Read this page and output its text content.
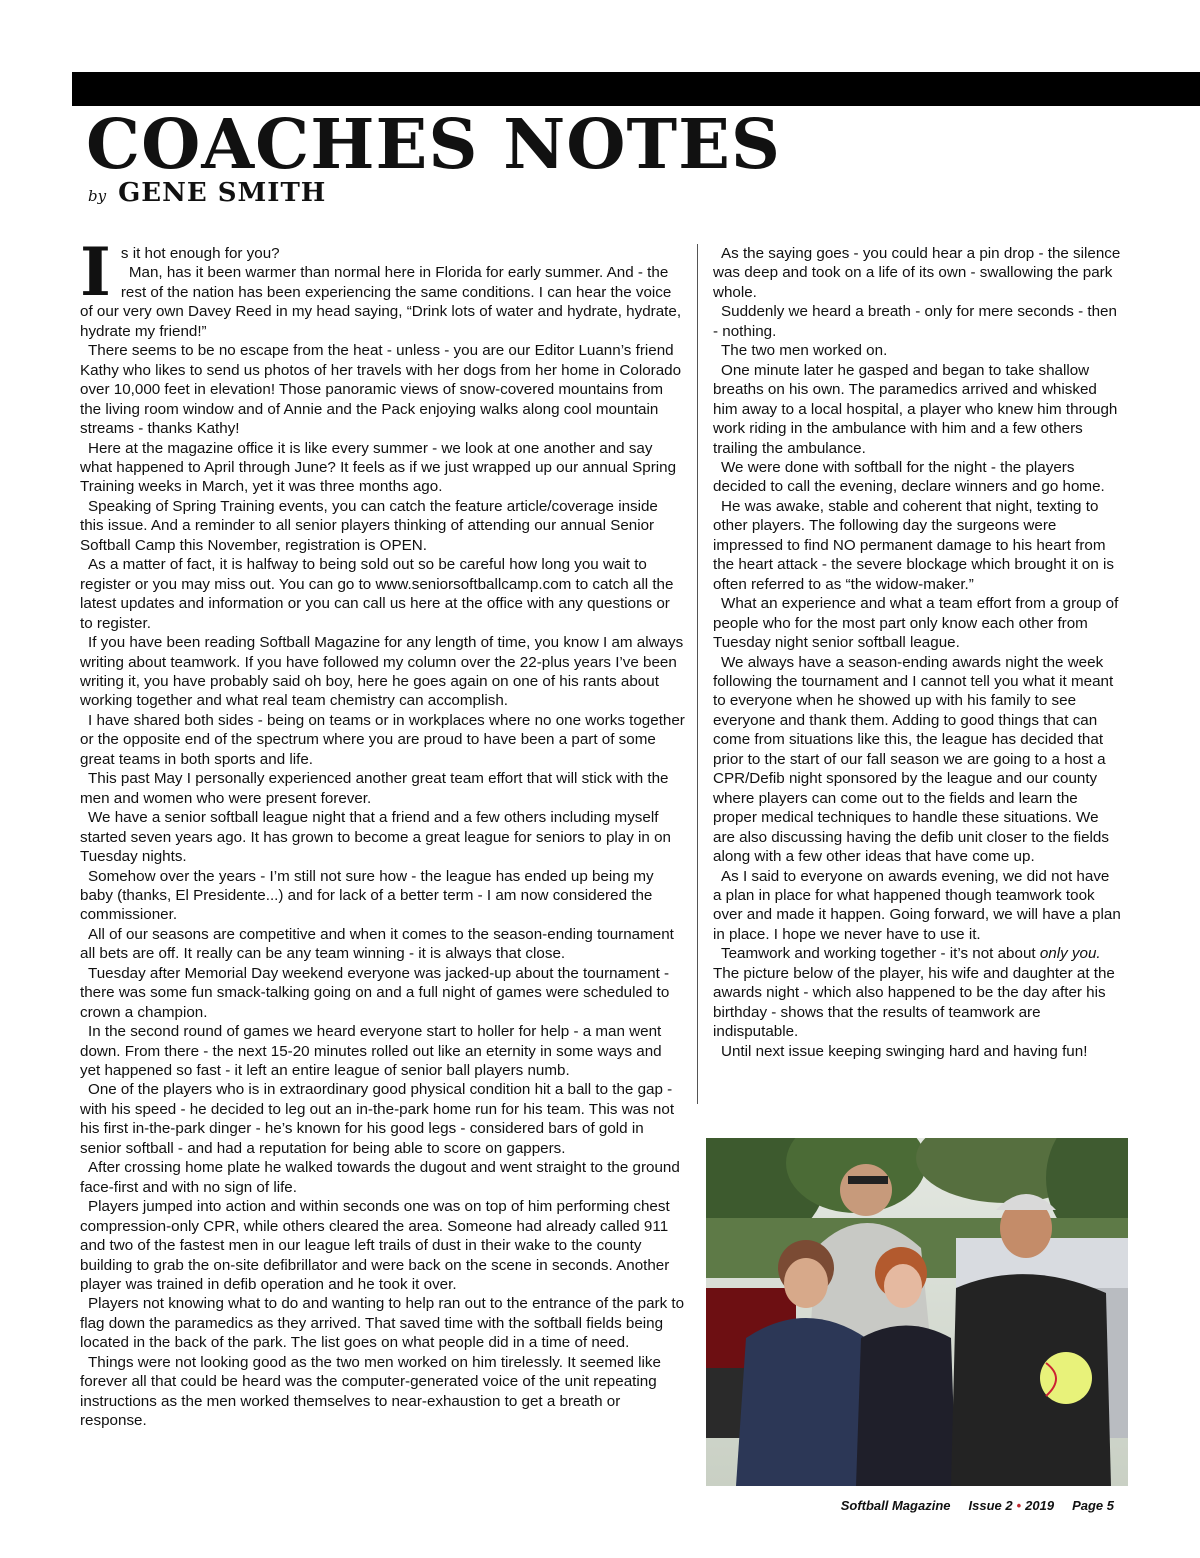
COACHES NOTES
by GENE SMITH

Is it hot enough for you?

Man, has it been warmer than normal here in Florida for early summer. And - the rest of the nation has been experiencing the same conditions. I can hear the voice of our very own Davey Reed in my head saying, “Drink lots of water and hydrate, hydrate, hydrate my friend!”

There seems to be no escape from the heat - unless - you are our Editor Luann’s friend Kathy who likes to send us photos of her travels with her dogs from her home in Colorado over 10,000 feet in elevation! Those panoramic views of snow-covered mountains from the living room window and of Annie and the Pack enjoying walks along cool mountain streams - thanks Kathy!

Here at the magazine office it is like every summer - we look at one another and say what happened to April through June? It feels as if we just wrapped up our annual Spring Training weeks in March, yet it was three months ago.

Speaking of Spring Training events, you can catch the feature article/coverage inside this issue. And a reminder to all senior players thinking of attending our annual Senior Softball Camp this November, registration is OPEN.

As a matter of fact, it is halfway to being sold out so be careful how long you wait to register or you may miss out. You can go to www.seniorsoftballcamp.com to catch all the latest updates and information or you can call us here at the office with any questions or to register.

If you have been reading Softball Magazine for any length of time, you know I am always writing about teamwork. If you have followed my column over the 22-plus years I’ve been writing it, you have probably said oh boy, here he goes again on one of his rants about working together and what real team chemistry can accomplish.

I have shared both sides - being on teams or in workplaces where no one works together or the opposite end of the spectrum where you are proud to have been a part of some great teams in both sports and life.

This past May I personally experienced another great team effort that will stick with the men and women who were present forever.

We have a senior softball league night that a friend and a few others including myself started seven years ago. It has grown to become a great league for seniors to play in on Tuesday nights.

Somehow over the years - I’m still not sure how - the league has ended up being my baby (thanks, El Presidente...) and for lack of a better term - I am now considered the commissioner.

All of our seasons are competitive and when it comes to the season-ending tournament all bets are off. It really can be any team winning - it is always that close.

Tuesday after Memorial Day weekend everyone was jacked-up about the tournament - there was some fun smack-talking going on and a full night of games were scheduled to crown a champion.

In the second round of games we heard everyone start to holler for help - a man went down. From there - the next 15-20 minutes rolled out like an eternity in some ways and yet happened so fast - it left an entire league of senior ball players numb.

One of the players who is in extraordinary good physical condition hit a ball to the gap - with his speed - he decided to leg out an in-the-park home run for his team. This was not his first in-the-park dinger - he’s known for his good legs - considered bars of gold in senior softball - and had a reputation for being able to score on gappers.

After crossing home plate he walked towards the dugout and went straight to the ground face-first and with no sign of life.

Players jumped into action and within seconds one was on top of him performing chest compression-only CPR, while others cleared the area. Someone had already called 911 and two of the fastest men in our league left trails of dust in their wake to the county building to grab the on-site defibrillator and were back on the scene in seconds. Another player was trained in defib operation and he took it over.

Players not knowing what to do and wanting to help ran out to the entrance of the park to flag down the paramedics as they arrived. That saved time with the softball fields being located in the back of the park. The list goes on what people did in a time of need.

Things were not looking good as the two men worked on him tirelessly. It seemed like forever all that could be heard was the computer-generated voice of the unit repeating instructions as the men worked themselves to near-exhaustion to get a breath or response.

As the saying goes - you could hear a pin drop - the silence was deep and took on a life of its own - swallowing the park whole.

Suddenly we heard a breath - only for mere seconds - then - nothing.

The two men worked on.

One minute later he gasped and began to take shallow breaths on his own. The paramedics arrived and whisked him away to a local hospital, a player who knew him through work riding in the ambulance with him and a few others trailing the ambulance.

We were done with softball for the night - the players decided to call the evening, declare winners and go home.

He was awake, stable and coherent that night, texting to other players. The following day the surgeons were impressed to find NO permanent damage to his heart from the heart attack - the severe blockage which brought it on is often referred to as “the widow-maker.”

What an experience and what a team effort from a group of people who for the most part only know each other from Tuesday night senior softball league.

We always have a season-ending awards night the week following the tournament and I cannot tell you what it meant to everyone when he showed up with his family to see everyone and thank them. Adding to good things that can come from situations like this, the league has decided that prior to the start of our fall season we are going to a host a CPR/Defib night sponsored by the league and our county where players can come out to the fields and learn the proper medical techniques to handle these situations. We are also discussing having the defib unit closer to the fields along with a few other ideas that have come up.

As I said to everyone on awards evening, we did not have a plan in place for what happened though teamwork took over and made it happen. Going forward, we will have a plan in place. I hope we never have to use it.

Teamwork and working together - it’s not about only you. The picture below of the player, his wife and daughter at the awards night - which also happened to be the day after his birthday - shows that the results of teamwork are indisputable.

Until next issue keeping swinging hard and having fun!

Softball Magazine Issue 2 • 2019 Page 5
